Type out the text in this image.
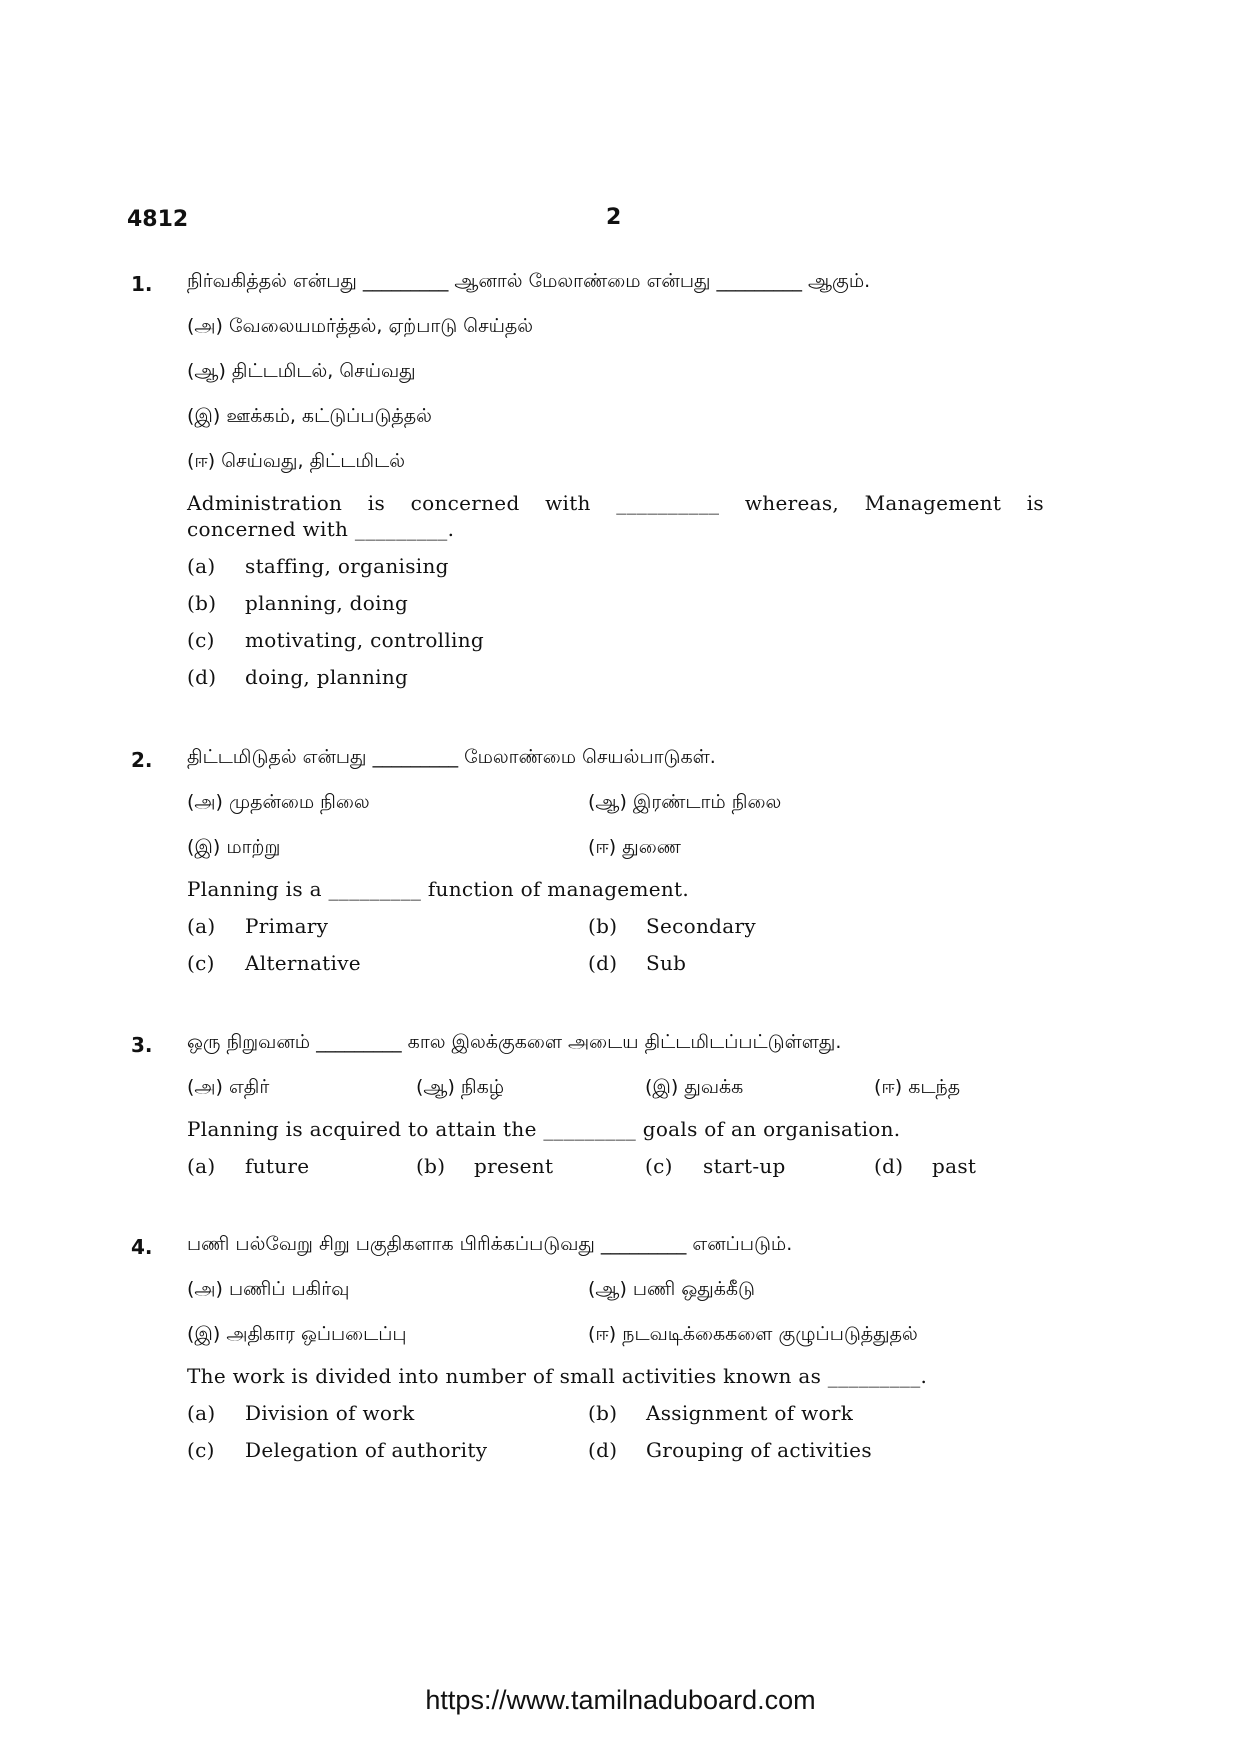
4812	2
1. நிர்வகித்தல் என்பது _________ ஆனால் மேலாண்மை என்பது _________ ஆகும்.
(அ) வேலையமர்த்தல், ஏற்பாடு செய்தல்
(ஆ) திட்டமிடல், செய்வது
(இ) ஊக்கம், கட்டுப்படுத்தல்
(ஈ) செய்வது, திட்டமிடல்
Administration is concerned with __________ whereas, Management is
concerned with _________.
(a) staffing, organising
(b) planning, doing
(c) motivating, controlling
(d) doing, planning
2. திட்டமிடுதல் என்பது _________ மேலாண்மை செயல்பாடுகள்.
(அ) முதன்மை நிலை	(ஆ) இரண்டாம் நிலை
(இ) மாற்று	(ஈ) துணை
Planning is a _________ function of management.
(a) Primary	(b) Secondary
(c) Alternative	(d) Sub
3. ஒரு நிறுவனம் _________ கால இலக்குகளை அடைய திட்டமிடப்பட்டுள்ளது.
(அ) எதிர்	(ஆ) நிகழ்	(இ) துவக்க	(ஈ) கடந்த
Planning is acquired to attain the _________ goals of an organisation.
(a) future	(b) present	(c) start-up	(d) past
4. பணி பல்வேறு சிறு பகுதிகளாக பிரிக்கப்படுவது _________ எனப்படும்.
(அ) பணிப் பகிர்வு	(ஆ) பணி ஒதுக்கீடு
(இ) அதிகார ஒப்படைப்பு	(ஈ) நடவடிக்கைகளை குழுப்படுத்துதல்
The work is divided into number of small activities known as _________.
(a) Division of work	(b) Assignment of work
(c) Delegation of authority	(d) Grouping of activities
https://www.tamilnaduboard.com
